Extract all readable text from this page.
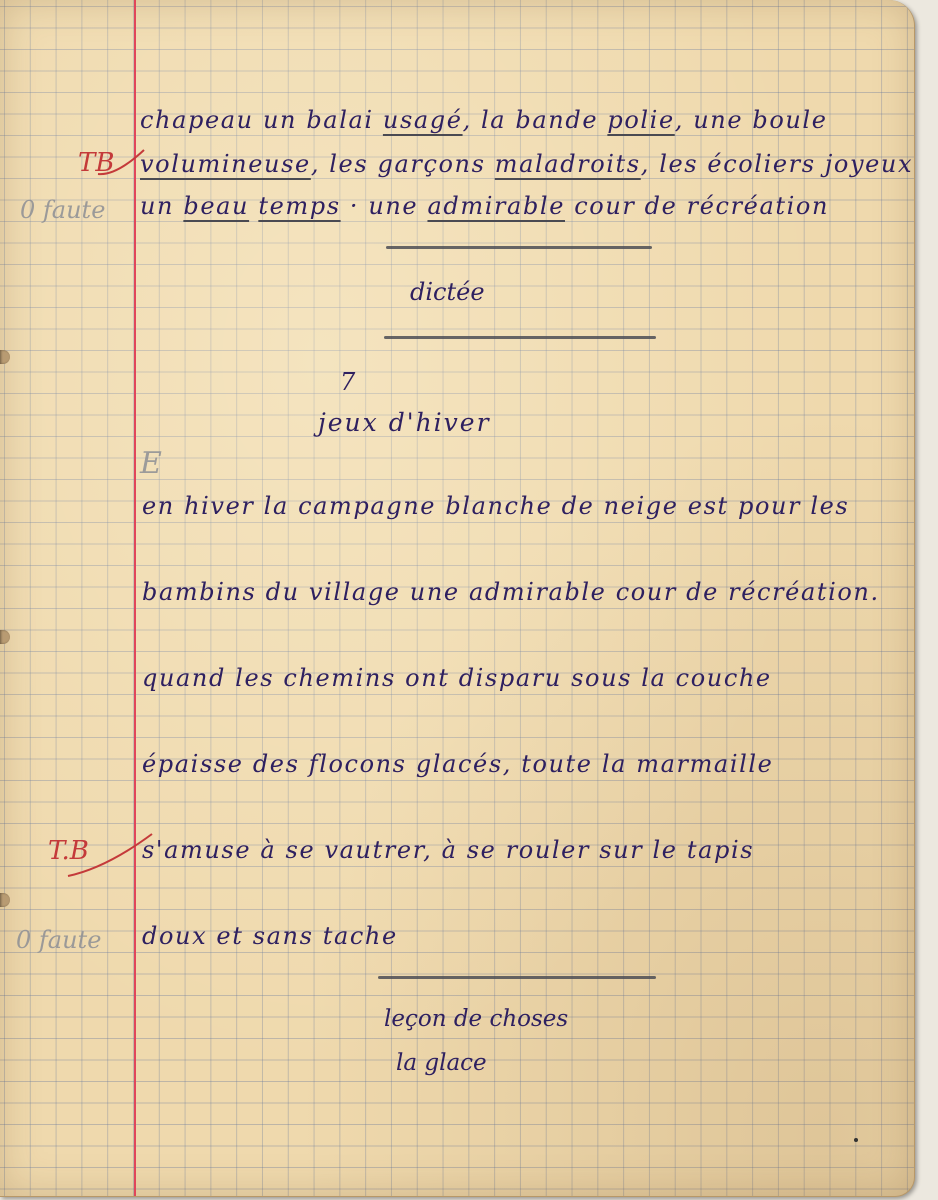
chapeau un balai usagé, la bande polie, une boule
volumineuse, les garçons maladroits, les écoliers joyeux
un beau temps · une admirable cour de récréation
dictée
7
jeux d'hiver
en hiver la campagne blanche de neige est pour les
bambins du village une admirable cour de récréation.
quand les chemins ont disparu sous la couche
épaisse des flocons glacés, toute la marmaille
s'amuse à se vautrer, à se rouler sur le tapis
doux et sans tache
leçon de choses
la glace
TB
0 faute
E
T.B
0 faute
